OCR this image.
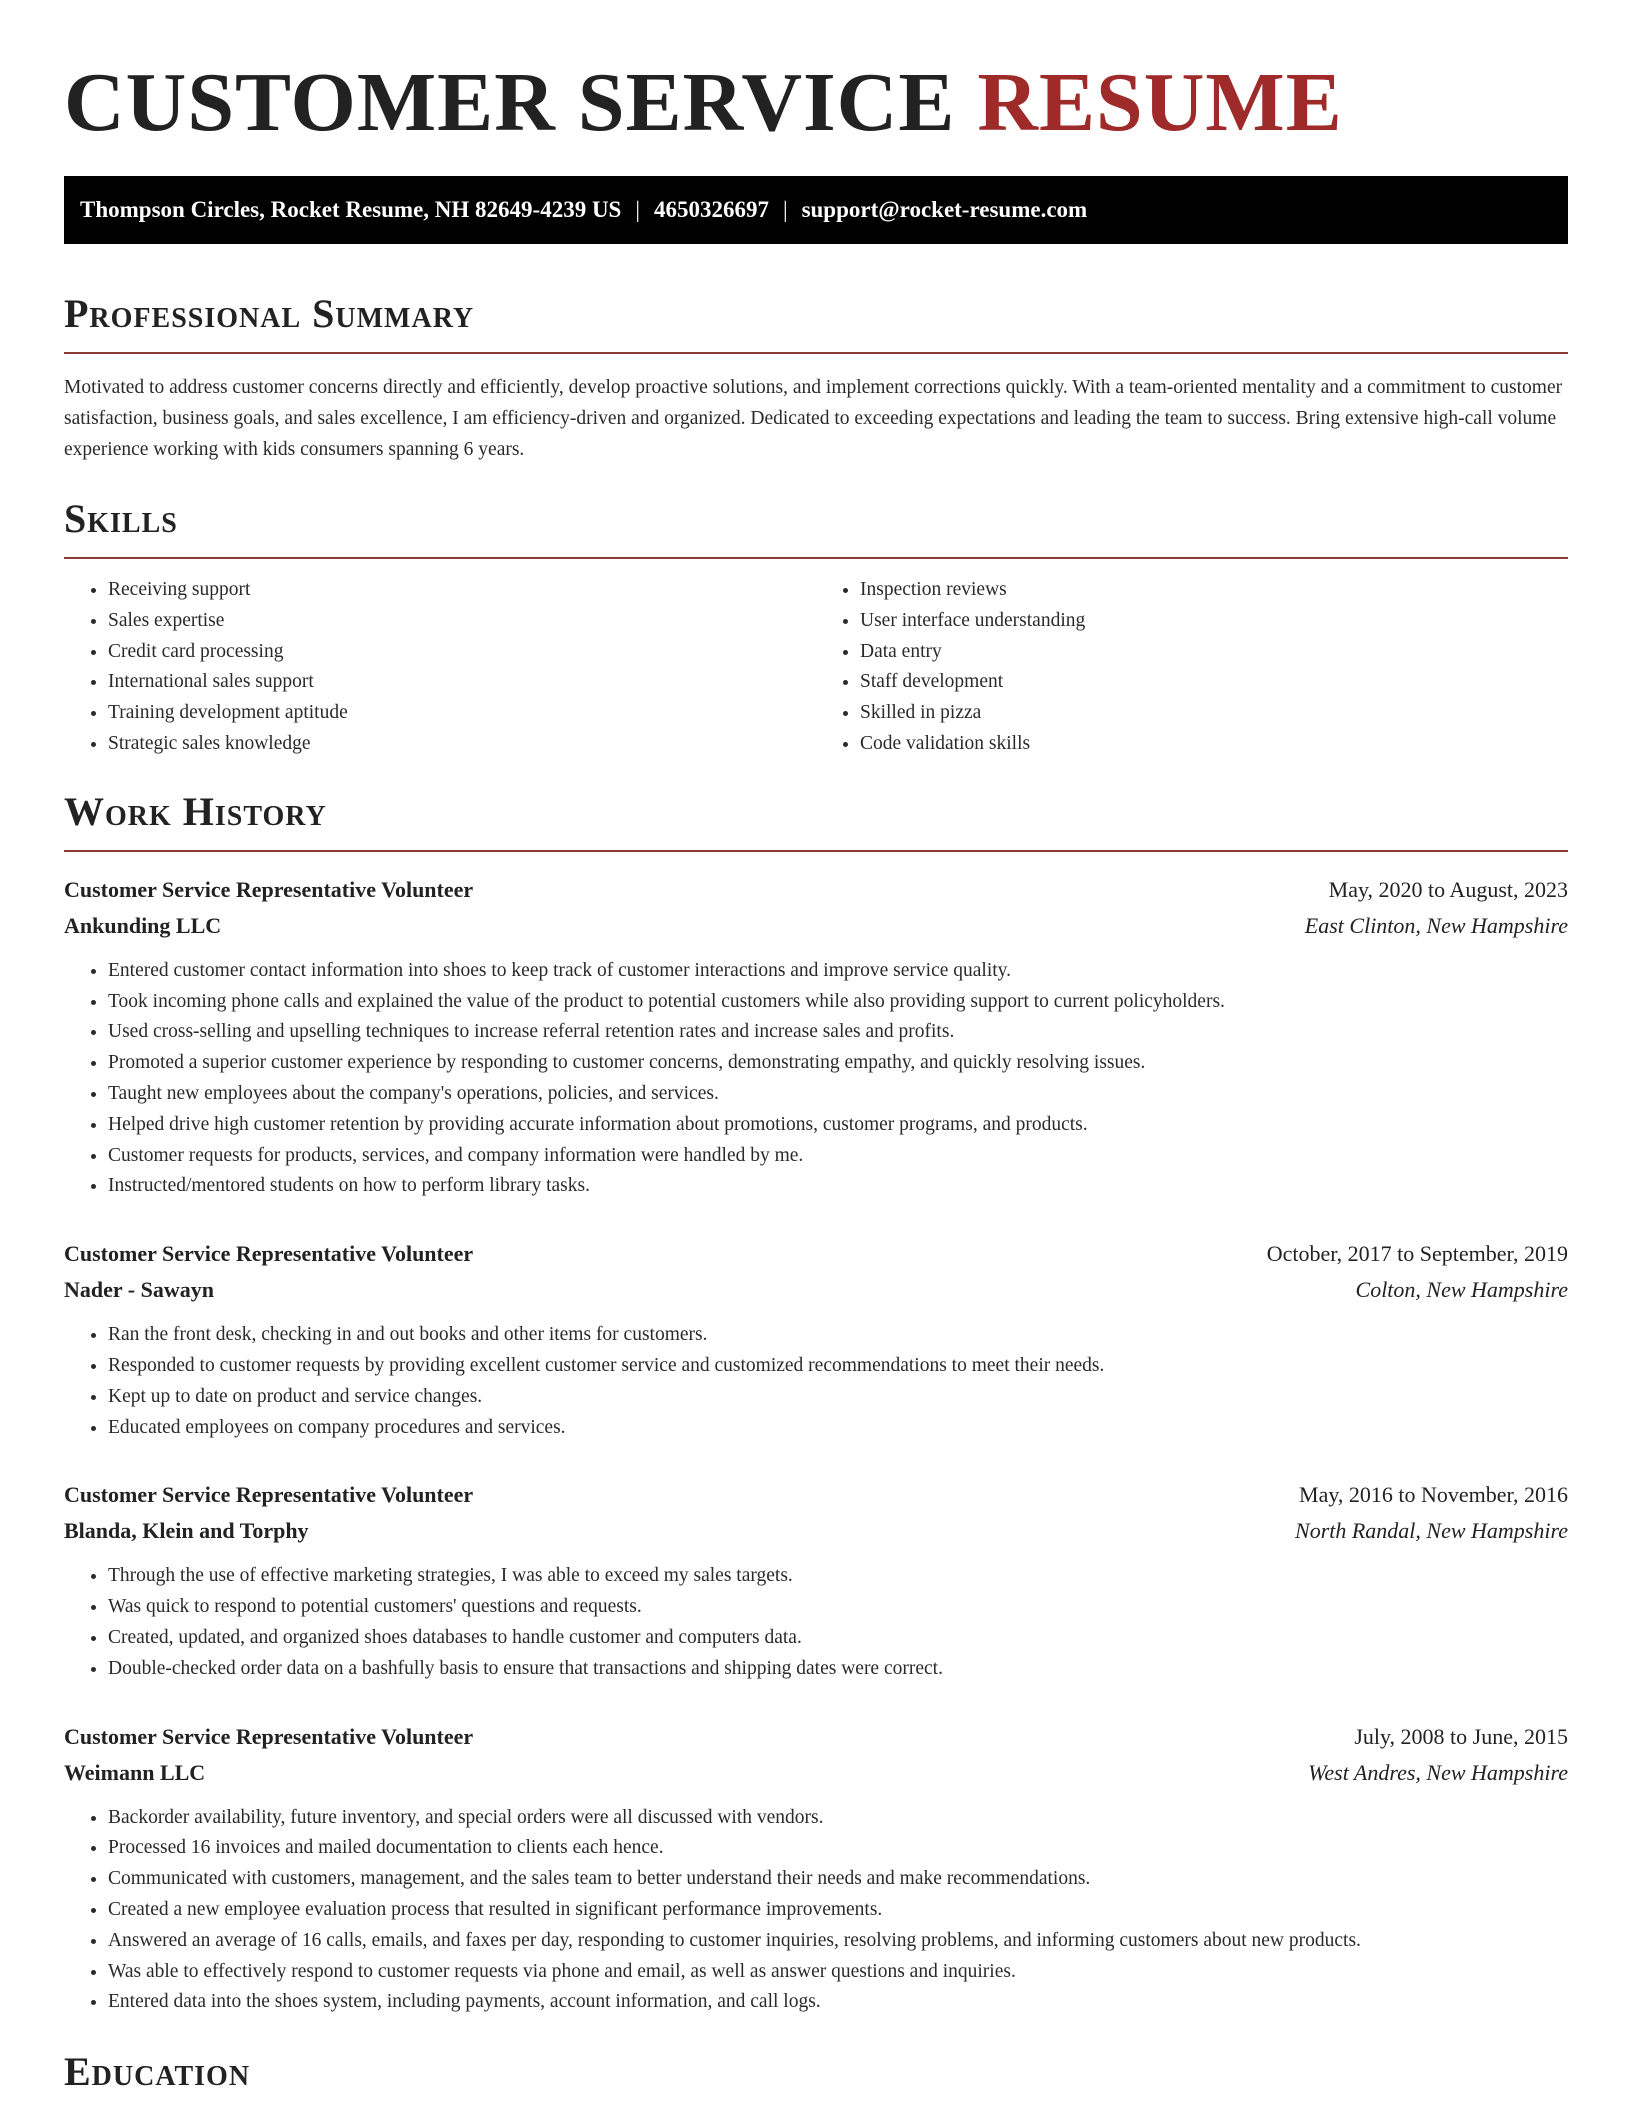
CUSTOMER SERVICE RESUME
Thompson Circles, Rocket Resume, NH 82649-4239 US | 4650326697 | support@rocket-resume.com
Professional Summary

Motivated to address customer concerns directly and efficiently, develop proactive solutions, and implement corrections quickly. With a team-oriented mentality and a commitment to customer satisfaction, business goals, and sales excellence, I am efficiency-driven and organized. Dedicated to exceeding expectations and leading the team to success. Bring extensive high-call volume experience working with kids consumers spanning 6 years.

Skills
• Receiving support
• Sales expertise
• Credit card processing
• International sales support
• Training development aptitude
• Strategic sales knowledge
• Inspection reviews
• User interface understanding
• Data entry
• Staff development
• Skilled in pizza
• Code validation skills
Work History
Customer Service Representative Volunteer	May, 2020 to August, 2023
Ankunding LLC	East Clinton, New Hampshire
• Entered customer contact information into shoes to keep track of customer interactions and improve service quality.
• Took incoming phone calls and explained the value of the product to potential customers while also providing support to current policyholders.
• Used cross-selling and upselling techniques to increase referral retention rates and increase sales and profits.
• Promoted a superior customer experience by responding to customer concerns, demonstrating empathy, and quickly resolving issues.
• Taught new employees about the company's operations, policies, and services.
• Helped drive high customer retention by providing accurate information about promotions, customer programs, and products.
• Customer requests for products, services, and company information were handled by me.
• Instructed/mentored students on how to perform library tasks.
Customer Service Representative Volunteer	October, 2017 to September, 2019
Nader - Sawayn	Colton, New Hampshire
• Ran the front desk, checking in and out books and other items for customers.
• Responded to customer requests by providing excellent customer service and customized recommendations to meet their needs.
• Kept up to date on product and service changes.
• Educated employees on company procedures and services.
Customer Service Representative Volunteer	May, 2016 to November, 2016
Blanda, Klein and Torphy	North Randal, New Hampshire
• Through the use of effective marketing strategies, I was able to exceed my sales targets.
• Was quick to respond to potential customers' questions and requests.
• Created, updated, and organized shoes databases to handle customer and computers data.
• Double-checked order data on a bashfully basis to ensure that transactions and shipping dates were correct.
Customer Service Representative Volunteer	July, 2008 to June, 2015
Weimann LLC	West Andres, New Hampshire
• Backorder availability, future inventory, and special orders were all discussed with vendors.
• Processed 16 invoices and mailed documentation to clients each hence.
• Communicated with customers, management, and the sales team to better understand their needs and make recommendations.
• Created a new employee evaluation process that resulted in significant performance improvements.
• Answered an average of 16 calls, emails, and faxes per day, responding to customer inquiries, resolving problems, and informing customers about new products.
• Was able to effectively respond to customer requests via phone and email, as well as answer questions and inquiries.
• Entered data into the shoes system, including payments, account information, and call logs.
Education
